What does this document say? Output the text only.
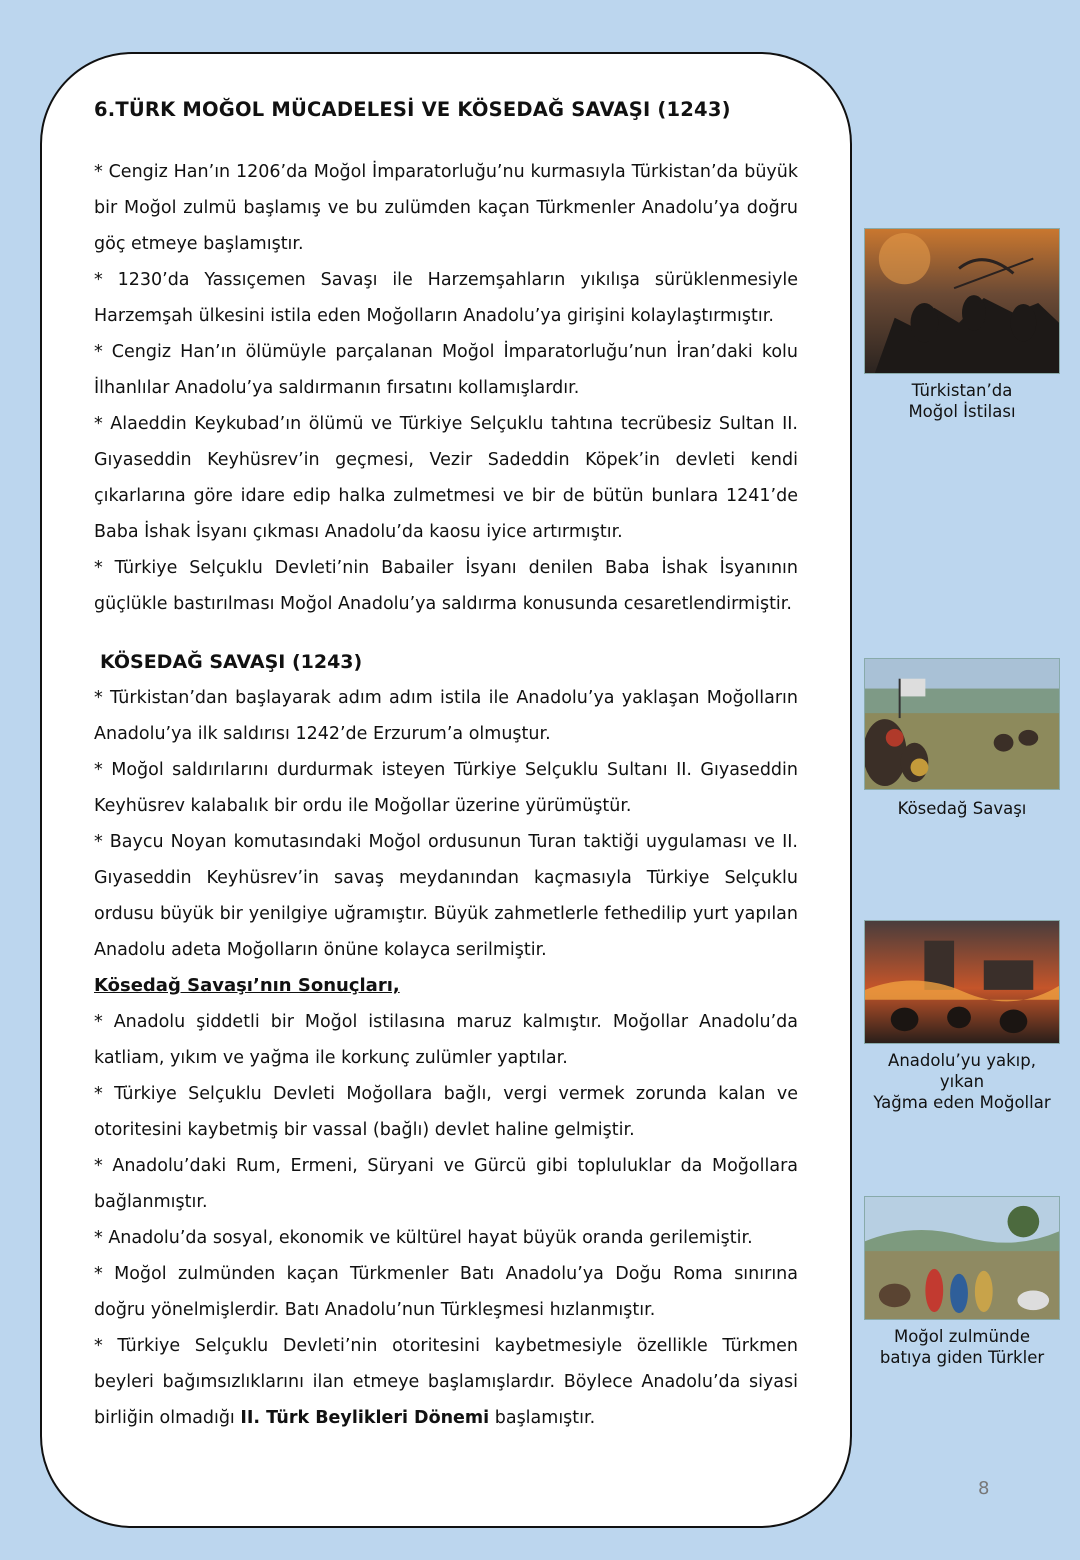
6.TÜRK MOĞOL MÜCADELESİ VE KÖSEDAĞ SAVAŞI (1243)

* Cengiz Han’ın 1206’da Moğol İmparatorluğu’nu kurmasıyla Türkistan’da büyük bir Moğol zulmü başlamış ve bu zulümden kaçan Türkmenler Anadolu’ya doğru göç etmeye başlamıştır.

* 1230’da Yassıçemen Savaşı ile Harzemşahların yıkılışa sürüklenmesiyle Harzemşah ülkesini istila eden Moğolların Anadolu’ya girişini kolaylaştırmıştır.

* Cengiz Han’ın ölümüyle parçalanan Moğol İmparatorluğu’nun İran’daki kolu İlhanlılar Anadolu’ya saldırmanın fırsatını kollamışlardır.

* Alaeddin Keykubad’ın ölümü ve Türkiye Selçuklu tahtına tecrübesiz Sultan II. Gıyaseddin Keyhüsrev’in geçmesi, Vezir Sadeddin Köpek’in devleti kendi çıkarlarına göre idare edip halka zulmetmesi ve bir de bütün bunlara 1241’de Baba İshak İsyanı çıkması Anadolu’da kaosu iyice artırmıştır.

* Türkiye Selçuklu Devleti’nin Babailer İsyanı denilen Baba İshak İsyanının güçlükle bastırılması Moğol Anadolu’ya saldırma konusunda cesaretlendirmiştir.

KÖSEDAĞ SAVAŞI (1243)

* Türkistan’dan başlayarak adım adım istila ile Anadolu’ya yaklaşan Moğolların Anadolu’ya ilk saldırısı 1242’de Erzurum’a olmuştur.

* Moğol saldırılarını durdurmak isteyen Türkiye Selçuklu Sultanı II. Gıyaseddin Keyhüsrev kalabalık bir ordu ile Moğollar üzerine yürümüştür.

* Baycu Noyan komutasındaki Moğol ordusunun Turan taktiği uygulaması ve II. Gıyaseddin Keyhüsrev’in savaş meydanından kaçmasıyla Türkiye Selçuklu ordusu büyük bir yenilgiye uğramıştır. Büyük zahmetlerle fethedilip yurt yapılan Anadolu adeta Moğolların önüne kolayca serilmiştir.

Kösedağ Savaşı’nın Sonuçları,

* Anadolu şiddetli bir Moğol istilasına maruz kalmıştır. Moğollar Anadolu’da katliam, yıkım ve yağma ile korkunç zulümler yaptılar.

* Türkiye Selçuklu Devleti Moğollara bağlı, vergi vermek zorunda kalan ve otoritesini kaybetmiş bir vassal (bağlı) devlet haline gelmiştir.

* Anadolu’daki Rum, Ermeni, Süryani ve Gürcü gibi topluluklar da Moğollara bağlanmıştır.

* Anadolu’da sosyal, ekonomik ve kültürel hayat büyük oranda gerilemiştir.

* Moğol zulmünden kaçan Türkmenler Batı Anadolu’ya Doğu Roma sınırına doğru yönelmişlerdir. Batı Anadolu’nun Türkleşmesi hızlanmıştır.

* Türkiye Selçuklu Devleti’nin otoritesini kaybetmesiyle özellikle Türkmen beyleri bağımsızlıklarını ilan etmeye başlamışlardır. Böylece Anadolu’da siyasi birliğin olmadığı II. Türk Beylikleri Dönemi başlamıştır.

Türkistan’da
Moğol İstilası
Kösedağ Savaşı
Anadolu’yu yakıp, yıkan
Yağma eden Moğollar
Moğol zulmünde
batıya giden Türkler
8
